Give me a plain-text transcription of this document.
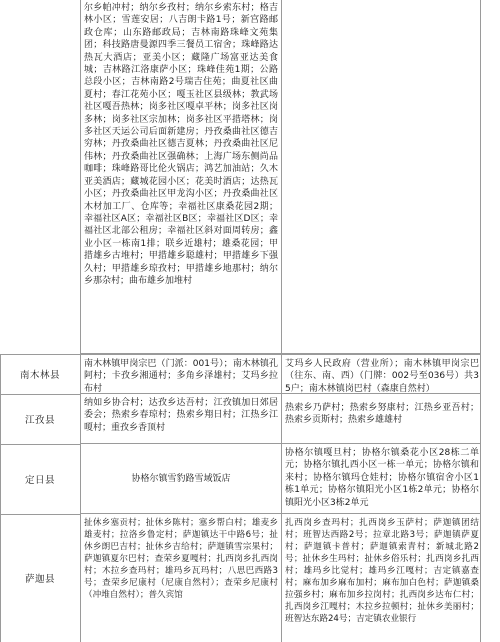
尔乡帕冲村；纳尔乡孜村；纳尔乡索东村；格吉林小区；雪莲安居；八吉朗卡路1号；新宫路邮政仓库；山东路邮政局；吉林南路珠峰文苑集团；科技路唐曼源四季三餐员工宿舍；珠峰路达热瓦大酒店；亚美小区；藏隆广场富亚达美食城；吉林路江洛康萨小区；珠峰佳苑1期；公路总段小区；吉林南路2号瑞吉住苑；曲夏社区曲夏村；春江花苑小区；嘎玉社区县级林；教武场社区嘎吾热林；岗多社区嘎卓平林；岗多社区岗多林；岗多社区宗加林；岗多社区平措塔林；岗多社区天运公司后面新建房；丹孜桑曲社区德吉穷林；丹孜桑曲社区德吉夏林；丹孜桑曲社区尼伟林；丹孜桑曲社区强确林；上海广场东侧尚品咖啡；珠峰路哥比伦火锅店；鸿艺加油站；久木亚美酒店；藏城花园小区；花美时酒店；达热瓦小区；丹孜桑曲社区甲龙沟小区；丹孜桑曲社区木材加工厂、仓库等；幸福社区康桑花园2期；幸福社区A区；幸福社区B区；幸福社区D区；幸福社区北部公租房；幸福社区斜对面周转房；鑫业小区一栋南1排；联乡近雄村；雄桑花园；甲措雄乡古堆村；甲措雄乡聪雄村；甲措雄乡下强久村；甲措雄乡琼孜村；甲措雄乡地那村；纳尔乡那杂村；曲布雄乡加堆村
南木林镇甲岗宗巴（门派：001号）；南木林镇孔阿村；卡孜乡湘通村；多角乡泽雄村；艾玛乡拉布村
艾玛乡人民政府（营业所）；南木林镇甲岗宗巴（往东、南、西）（门牌：002号至036号）共35户；南木林镇岗巴村（森康自然村）
南木林县
纳如乡协合村；达孜乡达吾村；江孜镇加日郊居委会；热索乡春琼村；热索乡翔日村；江热乡江嗄村；重孜乡香顶村
热索乡乃萨村；热索乡努康村；江热乡亚吾村；热索乡贡斯村；热索乡雄雄村
江孜县
协格尔镇雪豹路雪域饭店
协格尔镇嘎旦村；协格尔镇桑花小区28栋二单元；协格尔镇扎西小区一栋一单元；协格尔镇和来村；协格尔镇玛仓娃村；协格尔镇宿舍小区1栋1单元；协格尔镇阳光小区1栋2单元；协格尔镇阳光小区3栋2单元
定日县
扯休乡塞贡村；扯休乡陈村；塞乡帮白村；雄麦乡雄麦村；拉洛乡鲁定村；萨迦镇达干中路6号；扯休乡朗巴吉村；扯休乡吉给村；萨迦镇雪宗果村；萨迦镇夏尔巴村；查荣乡夏嘎村；扎西岗乡扎西岗村；木拉乡查玛村；雄玛乡瓦玛村；八思巴西路3号；查荣乡尼康村（尼康自然村）；查荣乡尼康村（冲堆自然村）；普久宾馆
扎西岗乡查玛村；扎西岗乡玉萨村；萨迦镇团结村；班智达西路2号；拉章北路3号；萨迦镇萨夏村；萨迦镇卡普村；萨迦镇索青村；新城北路2号；扯休乡生玛村；扯休乡俗乐村；扎西岗乡扎西村；雄玛乡比觉村；雄玛乡江嘎村；吉定镇嘉查村；麻布加乡麻布加村；麻布加白色村；萨迦镇桑拉强乡村；麻布加乡拉岗村；扎西岗乡达布仁村；扎西岗乡江嘎村；木拉乡拉顿村；扯休乡美丽村；班智达东路24号；吉定镇农业银行
萨迦县
